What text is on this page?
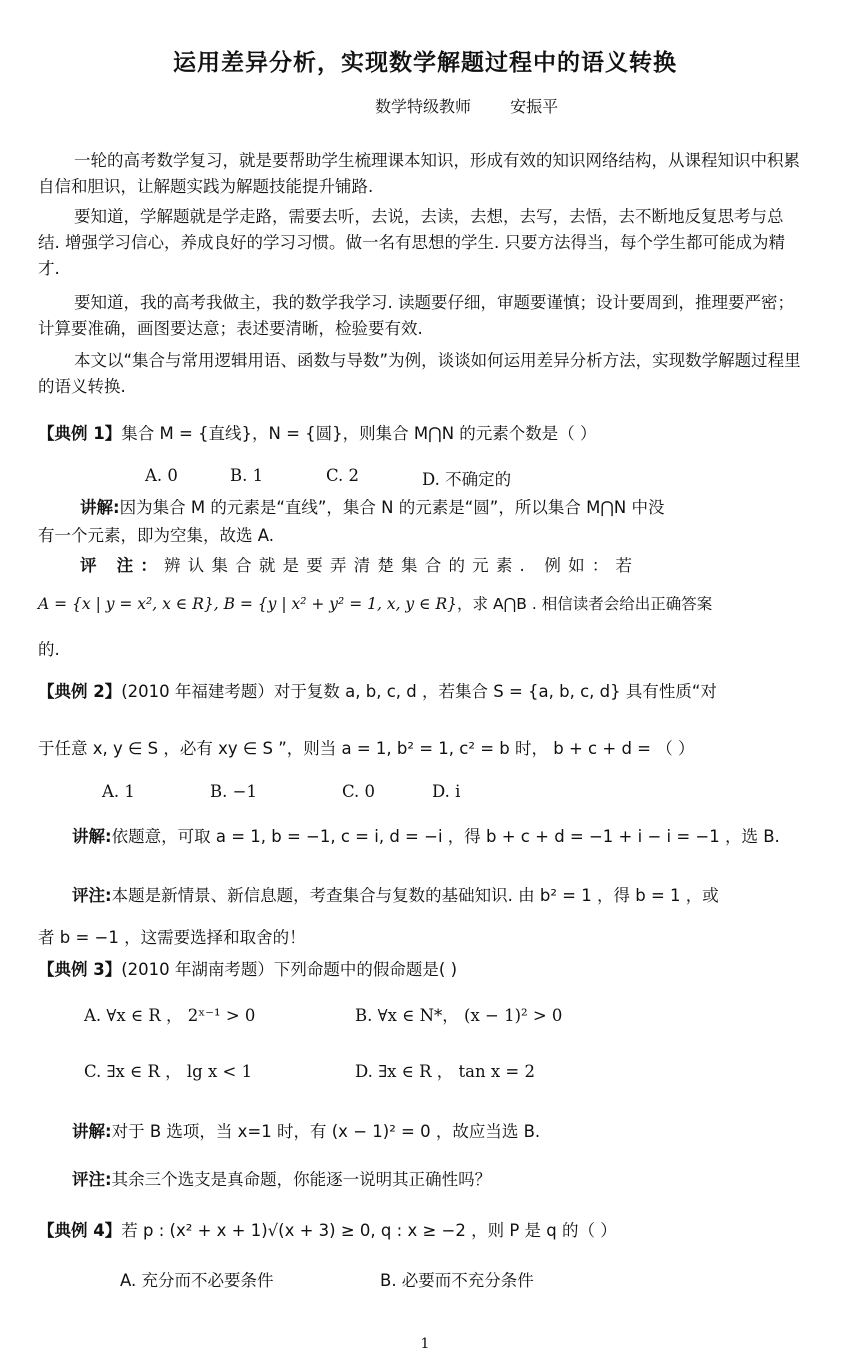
运用差异分析，实现数学解题过程中的语义转换
数学特级教师 安振平
一轮的高考数学复习，就是要帮助学生梳理课本知识，形成有效的知识网络结构，从课程知识中积累自信和胆识，让解题实践为解题技能提升铺路.
要知道，学解题就是学走路，需要去听，去说，去读，去想，去写，去悟，去不断地反复思考与总结. 增强学习信心，养成良好的学习习惯。做一名有思想的学生. 只要方法得当，每个学生都可能成为精才.
要知道，我的高考我做主，我的数学我学习. 读题要仔细，审题要谨慎；设计要周到，推理要严密；计算要准确，画图要达意；表述要清晰，检验要有效.
本文以“集合与常用逻辑用语、函数与导数”为例，谈谈如何运用差异分析方法，实现数学解题过程里的语义转换.
【典例 1】集合 M = {直线}，N = {圆}，则集合 M⋂N 的元素个数是（ ）
A. 0	B. 1	C. 2	D. 不确定的
讲解:因为集合 M 的元素是“直线”，集合 N 的元素是“圆”，所以集合 M⋂N 中没
有一个元素，即为空集，故选 A.
评 注：辨认集合就是要弄清楚集合的元素. 例如：若
A = {x | y = x², x ∈ R}, B = {y | x² + y² = 1, x, y ∈ R}，求 A⋂B . 相信读者会给出正确答案
的.
【典例 2】(2010 年福建考题）对于复数 a, b, c, d ，若集合 S = {a, b, c, d} 具有性质“对
于任意 x, y ∈ S ，必有 xy ∈ S ”，则当 a = 1, b² = 1, c² = b 时， b + c + d = （ ）
A. 1	B. −1	C. 0	D. i
讲解:依题意，可取 a = 1, b = −1, c = i, d = −i ，得 b + c + d = −1 + i − i = −1 ，选 B.
评注:本题是新情景、新信息题，考查集合与复数的基础知识. 由 b² = 1 ，得 b = 1 ，或
者 b = −1 ，这需要选择和取舍的！
【典例 3】(2010 年湖南考题）下列命题中的假命题是( )
A. ∀x ∈ R ， 2ˣ⁻¹ > 0	B. ∀x ∈ N*， (x − 1)² > 0
C. ∃x ∈ R ， lg x < 1	D. ∃x ∈ R ， tan x = 2
讲解:对于 B 选项，当 x=1 时，有 (x − 1)² = 0 ，故应当选 B.
评注:其余三个选支是真命题，你能逐一说明其正确性吗？
【典例 4】若 p : (x² + x + 1)√(x + 3) ≥ 0, q : x ≥ −2 ，则 P 是 q 的（ ）
A. 充分而不必要条件	B. 必要而不充分条件
1
